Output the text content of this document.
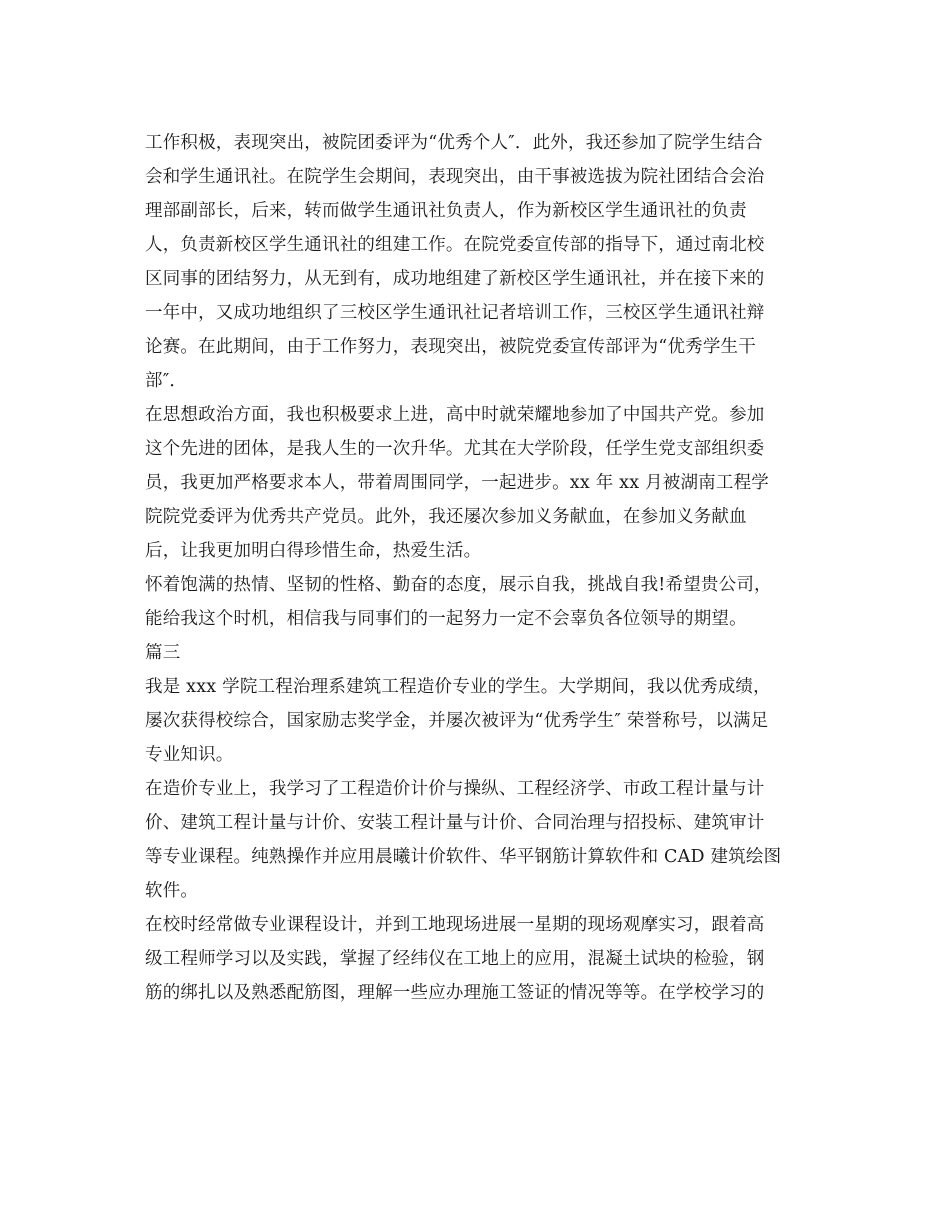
工作积极，表现突出，被院团委评为“优秀个人″．此外，我还参加了院学生结合
会和学生通讯社。在院学生会期间，表现突出，由干事被选拔为院社团结合会治
理部副部长，后来，转而做学生通讯社负责人，作为新校区学生通讯社的负责
人，负责新校区学生通讯社的组建工作。在院党委宣传部的指导下，通过南北校
区同事的团结努力，从无到有，成功地组建了新校区学生通讯社，并在接下来的
一年中，又成功地组织了三校区学生通讯社记者培训工作，三校区学生通讯社辩
论赛。在此期间，由于工作努力，表现突出，被院党委宣传部评为“优秀学生干
部″．
在思想政治方面，我也积极要求上进，高中时就荣耀地参加了中国共产党。参加
这个先进的团体，是我人生的一次升华。尤其在大学阶段，任学生党支部组织委
员，我更加严格要求本人，带着周围同学，一起进步。xx 年 xx 月被湖南工程学
院院党委评为优秀共产党员。此外，我还屡次参加义务献血，在参加义务献血
后，让我更加明白得珍惜生命，热爱生活。
怀着饱满的热情、坚韧的性格、勤奋的态度，展示自我，挑战自我!希望贵公司，
能给我这个时机，相信我与同事们的一起努力一定不会辜负各位领导的期望。
篇三
我是 xxx 学院工程治理系建筑工程造价专业的学生。大学期间，我以优秀成绩，
屡次获得校综合，国家励志奖学金，并屡次被评为“优秀学生″ 荣誉称号，以满足
专业知识。
在造价专业上，我学习了工程造价计价与操纵、工程经济学、市政工程计量与计
价、建筑工程计量与计价、安装工程计量与计价、合同治理与招投标、建筑审计
等专业课程。纯熟操作并应用晨曦计价软件、华平钢筋计算软件和 CAD 建筑绘图
软件。
在校时经常做专业课程设计，并到工地现场进展一星期的现场观摩实习，跟着高
级工程师学习以及实践，掌握了经纬仪在工地上的应用，混凝土试块的检验，钢
筋的绑扎以及熟悉配筋图，理解一些应办理施工签证的情况等等。在学校学习的
